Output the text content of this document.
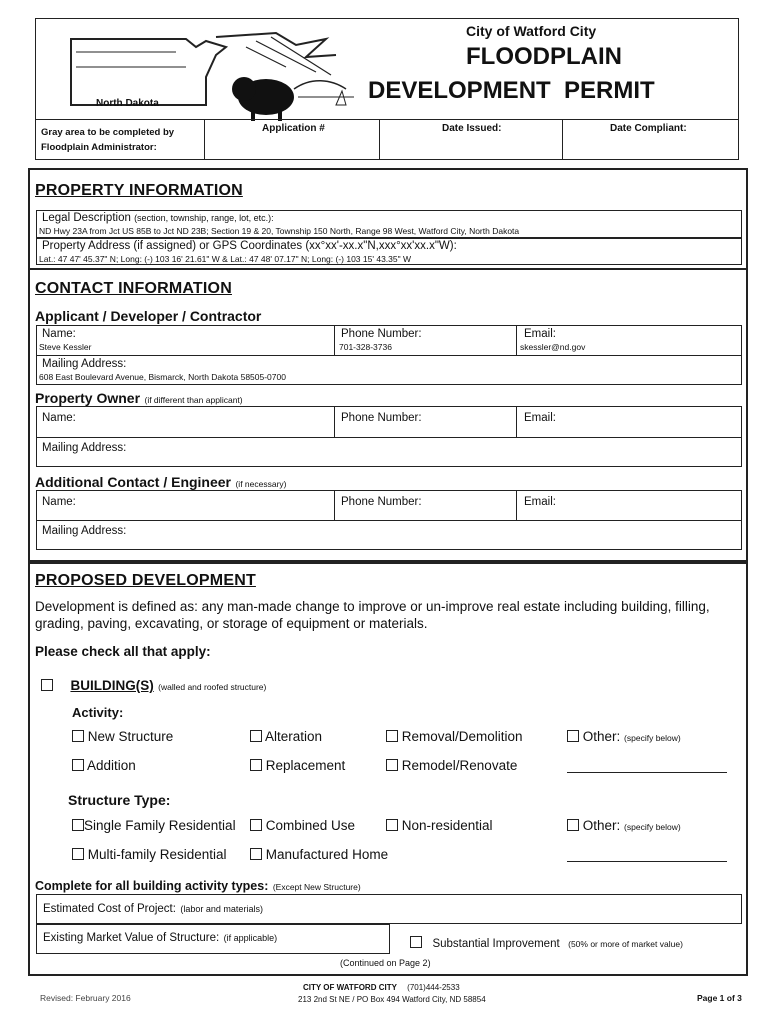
North Dakota
City of Watford City
FLOODPLAIN
DEVELOPMENT  PERMIT
Gray area to be completed by Floodplain Administrator:
Application #	Date Issued:	Date Compliant:
PROPERTY INFORMATION
Legal Description (section, township, range, lot, etc.):
ND Hwy 23A from Jct US 85B to Jct ND 23B; Section 19 & 20, Township 150 North, Range 98 West, Watford City, North Dakota
Property Address (if assigned) or GPS Coordinates (xx°xx'-xx.x"N,xxx°xx'xx.x"W):
Lat.: 47 47' 45.37" N; Long: (-) 103 16' 21.61" W & Lat.: 47 48' 07.17" N; Long: (-) 103 15' 43.35" W
CONTACT INFORMATION
Applicant / Developer / Contractor
Name:
Steve Kessler
Phone Number:
701-328-3736
Email:
skessler@nd.gov
Mailing Address:
608 East Boulevard Avenue, Bismarck, North Dakota 58505-0700
Property Owner (if different than applicant)
Name:	Phone Number:	Email:
Mailing Address:
Additional Contact / Engineer (if necessary)
Name:	Phone Number:	Email:
Mailing Address:
PROPOSED DEVELOPMENT
Development is defined as: any man-made change to improve or un-improve real estate including building, filling, grading, paving, excavating, or storage of equipment or materials.
Please check all that apply:
BUILDING(S) (walled and roofed structure)
Activity:
New Structure	Alteration	Removal/Demolition	Other: (specify below)
Addition	Replacement	Remodel/Renovate
Structure Type:
Single Family Residential	Combined Use	Non-residential	Other: (specify below)
Multi-family Residential	Manufactured Home
Complete for all building activity types: (Except New Structure)
Estimated Cost of Project: (labor and materials)
Existing Market Value of Structure: (if applicable)	Substantial Improvement (50% or more of market value)
(Continued on Page 2)
Revised: February 2016
CITY OF WATFORD CITY (701)444-2533
213 2nd St NE / PO Box 494 Watford City, ND 58854	Page 1 of 3
